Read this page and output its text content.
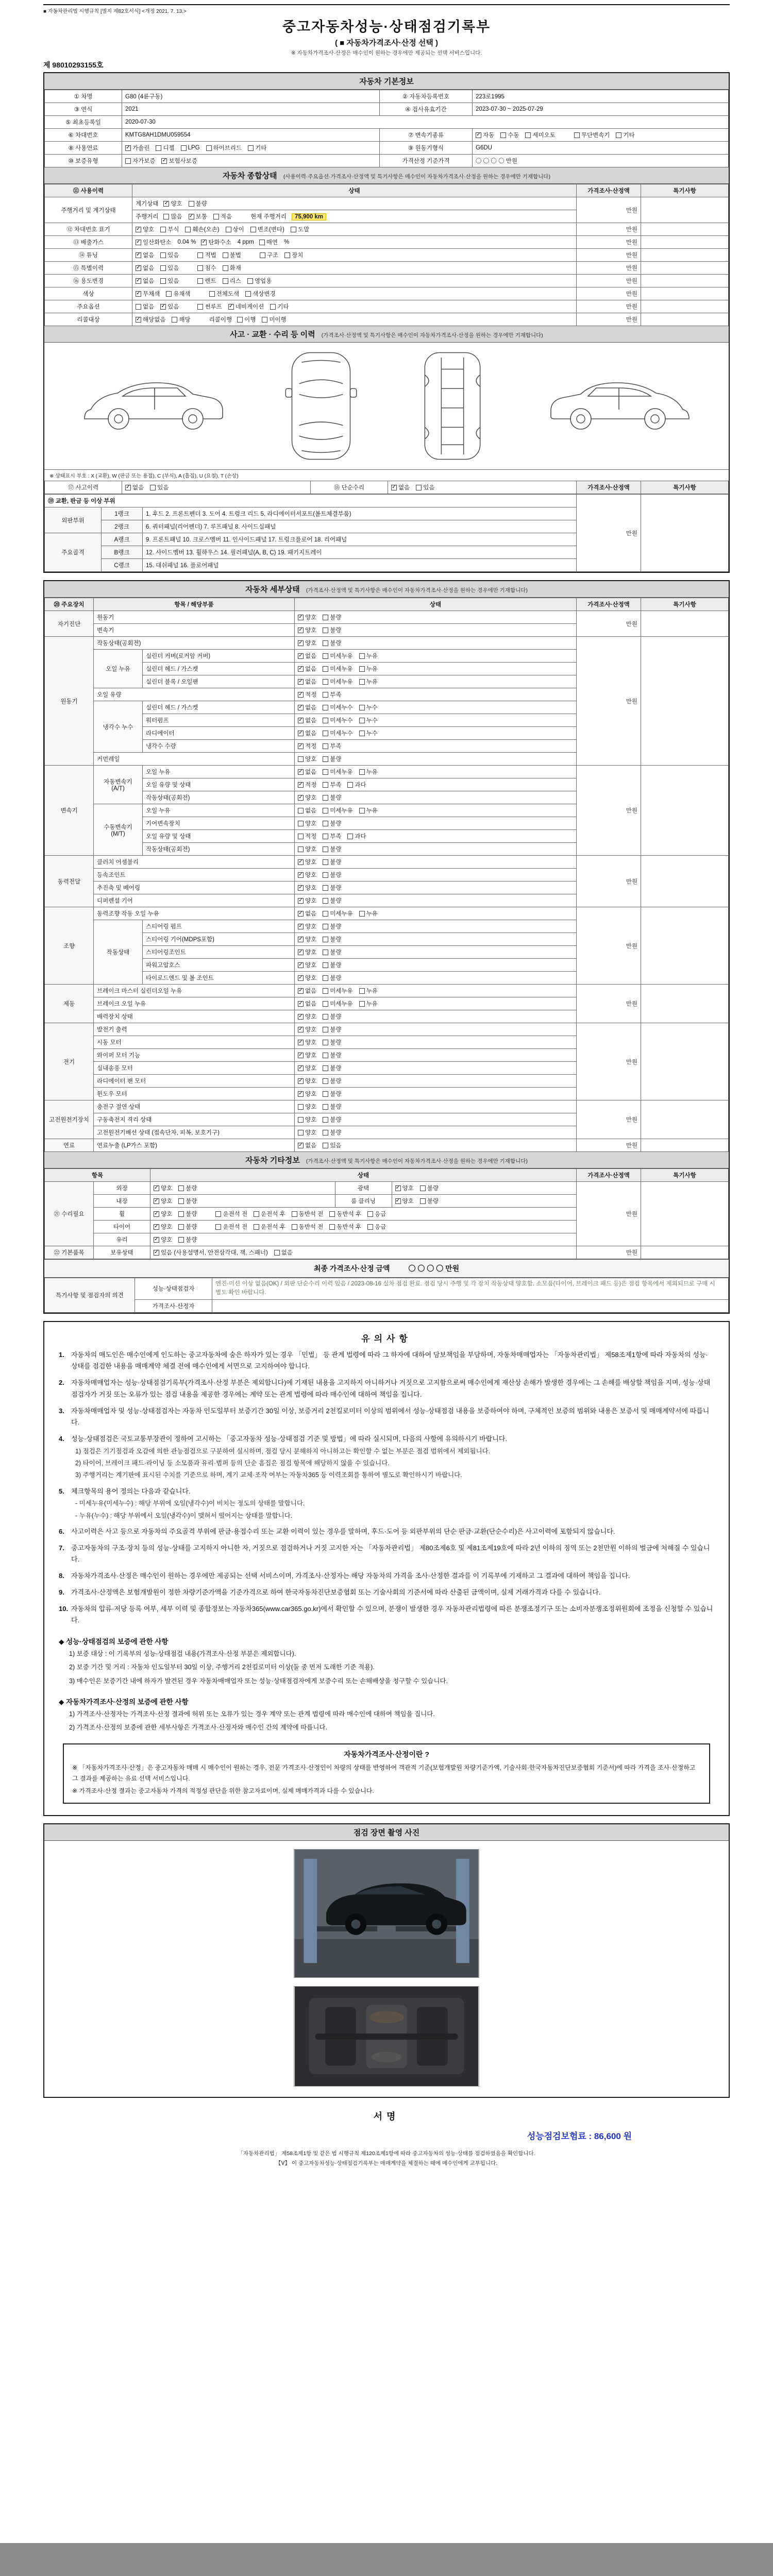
■ 자동차관리법 시행규칙 [별지 제82호서식] <개정 2021. 7. 13.>
중고자동차성능·상태점검기록부
( ■ 자동차가격조사·산정 선택 )
※ 자동차가격조사·산정은 매수인이 원하는 경우에만 제공되는 선택 서비스입니다.
제 98010293155호
자동차 기본정보
① 차명	G80 (4륜구동)	② 자동차등록번호	223로1995
③ 연식	2021	④ 검사유효기간	2023-07-30 ~ 2025-07-29
⑤ 최초등록일	2020-07-30		
⑥ 차대번호	KMTG8AH1DMU059554	⑦ 변속기종류	✓ 자동 수동 세미오토	무단변속기 기타

⑧ 사용연료	✓ 가솔린 디젤 LPG 하이브리드 기타	⑨ 원동기형식	G6DU
⑩ 보증유형	자가보증 ✓ 보험사보증	가격산정 기준가격	〇 〇 〇 〇 만원
자동차 종합상태 (사용이력·주요옵션·가격조사·산정액 및 특기사항은 매수인이 자동차가격조사·산정을 원하는 경우에만 기재합니다)
⑪ 사용이력	상태	가격조사·산정액	특기사항
주행거리 및 계기상태	계기상태 ✓ 양호 불량	만원	
주행거리 많음 ✓ 보통 적음	현재 주행거리 75,900 km
⑫ 차대번호 표기	✓ 양호 부식 훼손(오손) 상이 변조(변타) 도말	만원	
⑬ 배출가스	✓ 일산화탄소 0.04 % ✓ 탄화수소 4 ppm 매연 %	만원	
⑭ 튜닝	✓ 없음 있음	적법 불법	구조 장치	만원	
⑮ 특별이력	✓ 없음 있음 침수 화재	만원	
⑯ 용도변경	✓ 없음 있음	렌트 리스 영업용	만원	
색상	✓ 무채색 유채색 전체도색 색상변경	만원	
주요옵션	없음 ✓ 있음	썬루프 ✓ 네비게이션 기타	만원	
리콜대상	✓ 해당없음 해당	리콜이행 이행 미이행	만원	
사고 · 교환 · 수리 등 이력 (가격조사·산정액 및 특기사항은 매수인이 자동차가격조사·산정을 원하는 경우에만 기재합니다)
※ 상태표시 부호 : X (교환), W (판금 또는 용접), C (부식), A (흠집), U (요철), T (손상)
⑰ 사고이력	✓ 없음 있음	⑱ 단순수리	✓ 없음 있음	가격조사·산정액	특기사항
⑲ 교환, 판금 등 이상 부위			만원	
외판부위	1랭크	1. 후드 2. 프론트펜더 3. 도어 4. 트렁크 리드 5. 라디에이터서포트(볼트체결부품)		
	2랭크	6. 쿼터패널(리어펜더) 7. 루프패널 8. 사이드실패널		
주요골격	A랭크	9. 프론트패널 10. 크로스멤버 11. 인사이드패널 17. 트렁크플로어 18. 리어패널		
	B랭크	12. 사이드멤버 13. 휠하우스 14. 필러패널(A, B, C) 19. 패키지트레이		
	C랭크	15. 대쉬패널 16. 플로어패널		
자동차 세부상태 (가격조사·산정액 및 특기사항은 매수인이 자동차가격조사·산정을 원하는 경우에만 기재합니다)
⑳ 주요장치	항목 / 해당부품		상태	가격조사·산정액	특기사항
자기진단	원동기		✓ 양호 불량	만원	
	변속기		✓ 양호 불량		

원동기	작동상태(공회전)		✓ 양호 불량	만원	
	오일 누유	실린더 커버(로커암 커버)	✓ 없음 미세누유 누유		

		실린더 헤드 / 가스켓	✓ 없음 미세누유 누유		

		실린더 블록 / 오일팬	✓ 없음 미세누유 누유		

	오일 유량		✓ 적정 부족		

	냉각수 누수	실린더 헤드 / 가스켓	✓ 없음 미세누수 누수		

		워터펌프	✓ 없음 미세누수 누수		

		라디에이터	✓ 없음 미세누수 누수		

		냉각수 수량	✓ 적정 부족		

	커먼레일		양호 불량		

변속기	자동변속기 (A/T)	오일 누유	✓ 없음 미세누유 누유	만원	
		오일 유량 및 상태	✓ 적정 부족 과다		

		작동상태(공회전)	✓ 양호 불량		

	수동변속기 (M/T)	오일 누유	없음 미세누유 누유		

		기어변속장치	양호 불량		

		오일 유량 및 상태	적정 부족 과다		

		작동상태(공회전)	양호 불량		

동력전달	클러치 어셈블리		✓ 양호 불량	만원	
	등속조인트		✓ 양호 불량		

	추진축 및 베어링		✓ 양호 불량		

	디퍼렌셜 기어		✓ 양호 불량		

조향	동력조향 작동 오일 누유		✓ 없음 미세누유 누유	만원	
	작동상태	스티어링 펌프	✓ 양호 불량		

		스티어링 기어(MDPS포함)	✓ 양호 불량		

		스티어링조인트	✓ 양호 불량		

		파워고압호스	✓ 양호 불량		

		타이로드엔드 및 볼 조인트	✓ 양호 불량		

제동	브레이크 마스터 실린더오일 누유		✓ 없음 미세누유 누유	만원	
	브레이크 오일 누유		✓ 없음 미세누유 누유		

	배력장치 상태		✓ 양호 불량		

전기	발전기 출력		✓ 양호 불량	만원	
	시동 모터		✓ 양호 불량		

	와이퍼 모터 기능		✓ 양호 불량		

	실내송풍 모터		✓ 양호 불량		

	라디에이터 팬 모터		✓ 양호 불량		

	윈도우 모터		✓ 양호 불량		

고전원전기장치	충전구 절연 상태		양호 불량	만원	
	구동축전지 격리 상태		양호 불량		

	고전원전기배선 상태 (접속단자, 피복, 보호기구)		양호 불량		

연료	연료누출 (LP가스 포함)		✓ 없음 있음	만원	
자동차 기타정보 (가격조사·산정액 및 특기사항은 매수인이 자동차가격조사·산정을 원하는 경우에만 기재합니다)
항목		상태			가격조사·산정액	특기사항
㉑ 수리필요	외장	✓ 양호 불량	광택	✓ 양호 불량	만원	
	내장	✓ 양호 불량	룸 클리닝	✓ 양호 불량		

휠	✓ 양호 불량	운전석 전 운전석 후 동반석 전 동반석 후 응급

타이어	✓ 양호 불량	운전석 전 운전석 후 동반석 전 동반석 후 응급

	유리	✓ 양호 불량				

㉒ 기본품목	보유상태	✓ 있음 (사용설명서, 안전삼각대, 잭, 스패너) 없음			만원	
최종 가격조사·산정 금액	〇 〇 〇 〇 만원
특기사항 및 점검자의 의견	성능·상태점검자	엔진·미션 이상 없음(OK) / 외판 단순수리 이력 있음 / 2023-08-16 실차 점검 완료. 점검 당시 주행 및 각 장치 작동상태 양호함. 소모품(타이어, 브레이크 패드 등)은 점검 항목에서 제외되므로 구매 시 별도 확인 바랍니다.
	가격조사·산정자	
유의사항
1.	자동차의 매도인은 매수인에게 인도하는 중고자동차에 숨은 하자가 있는 경우 「민법」 등 관계 법령에 따라 그 하자에 대하여 담보책임을 부담하며, 자동차매매업자는 「자동차관리법」 제58조제1항에 따라 자동차의 성능·상태를 점검한 내용을 매매계약 체결 전에 매수인에게 서면으로 고지하여야 합니다.
2.	자동차매매업자는 성능·상태점검기록부(가격조사·산정 부분은 제외합니다)에 기재된 내용을 고지하지 아니하거나 거짓으로 고지함으로써 매수인에게 재산상 손해가 발생한 경우에는 그 손해를 배상할 책임을 지며, 성능·상태점검자가 거짓 또는 오류가 있는 점검 내용을 제공한 경우에는 계약 또는 관계 법령에 따라 매수인에 대하여 책임을 집니다.
3.	자동차매매업자 및 성능·상태점검자는 자동차 인도일부터 보증기간 30일 이상, 보증거리 2천킬로미터 이상의 범위에서 성능·상태점검 내용을 보증하여야 하며, 구체적인 보증의 범위와 내용은 보증서 및 매매계약서에 따릅니다.
4.	성능·상태점검은 국토교통부장관이 정하여 고시하는 「중고자동차 성능·상태점검 기준 및 방법」에 따라 실시되며, 다음의 사항에 유의하시기 바랍니다.
1) 점검은 기기점검과 오감에 의한 관능점검으로 구분하여 실시하며, 점검 당시 분해하지 아니하고는 확인할 수 없는 부분은 점검 범위에서 제외됩니다.
2) 타이어, 브레이크 패드·라이닝 등 소모품과 유리·범퍼 등의 단순 흠집은 점검 항목에 해당하지 않을 수 있습니다.
3) 주행거리는 계기판에 표시된 수치를 기준으로 하며, 계기 교체·조작 여부는 자동차365 등 이력조회를 통하여 별도로 확인하시기 바랍니다.
5.	체크항목의 용어 정의는 다음과 같습니다.
- 미세누유(미세누수) : 해당 부위에 오일(냉각수)이 비치는 정도의 상태를 말합니다.
- 누유(누수) : 해당 부위에서 오일(냉각수)이 맺혀서 떨어지는 상태를 말합니다.
6.	사고이력은 사고 등으로 자동차의 주요골격 부위에 판금·용접수리 또는 교환 이력이 있는 경우를 말하며, 후드·도어 등 외판부위의 단순 판금·교환(단순수리)은 사고이력에 포함되지 않습니다.
7.	중고자동차의 구조·장치 등의 성능·상태를 고지하지 아니한 자, 거짓으로 점검하거나 거짓 고지한 자는 「자동차관리법」 제80조제6호 및 제81조제19호에 따라 2년 이하의 징역 또는 2천만원 이하의 벌금에 처해질 수 있습니다.
8.	자동차가격조사·산정은 매수인이 원하는 경우에만 제공되는 선택 서비스이며, 가격조사·산정자는 해당 자동차의 가격을 조사·산정한 결과를 이 기록부에 기재하고 그 결과에 대하여 책임을 집니다.
9.	가격조사·산정액은 보험개발원이 정한 차량기준가액을 기준가격으로 하여 한국자동차진단보증협회 또는 기술사회의 기준서에 따라 산출된 금액이며, 실제 거래가격과 다를 수 있습니다.
10. 자동차의 압류·저당 등록 여부, 세부 이력 및 종합정보는 자동차365(www.car365.go.kr)에서 확인할 수 있으며, 분쟁이 발생한 경우 자동차관리법령에 따른 분쟁조정기구 또는 소비자분쟁조정위원회에 조정을 신청할 수 있습니다.
◆ 성능·상태점검의 보증에 관한 사항
1) 보증 대상 : 이 기록부의 성능·상태점검 내용(가격조사·산정 부분은 제외합니다).
2) 보증 기간 및 거리 : 자동차 인도일부터 30일 이상, 주행거리 2천킬로미터 이상(둘 중 먼저 도래한 기준 적용).
3) 매수인은 보증기간 내에 하자가 발견된 경우 자동차매매업자 또는 성능·상태점검자에게 보증수리 또는 손해배상을 청구할 수 있습니다.
◆ 자동차가격조사·산정의 보증에 관한 사항
1) 가격조사·산정자는 가격조사·산정 결과에 허위 또는 오류가 있는 경우 계약 또는 관계 법령에 따라 매수인에 대하여 책임을 집니다.
2) 가격조사·산정의 보증에 관한 세부사항은 가격조사·산정자와 매수인 간의 계약에 따릅니다.
자동차가격조사·산정이란 ?
※ 「자동차가격조사·산정」은 중고자동차 매매 시 매수인이 원하는 경우, 전문 가격조사·산정인이 차량의 상태를 반영하여 객관적 기준(보험개발원 차량기준가액, 기술사회·한국자동차진단보증협회 기준서)에 따라 가격을 조사·산정하고 그 결과를 제공하는 유료 선택 서비스입니다.
※ 가격조사·산정 결과는 중고자동차 가격의 적정성 판단을 위한 참고자료이며, 실제 매매가격과 다를 수 있습니다.
점검 장면 촬영 사진
서명
성능점검보험료 : 86,600 원
「자동차관리법」 제58조제1항 및 같은 법 시행규칙 제120조제1항에 따라 중고자동차의 성능·상태를 점검하였음을 확인합니다.
【Ⅴ】 이 중고자동차성능·상태점검기록부는 매매계약을 체결하는 때에 매수인에게 교부됩니다.
